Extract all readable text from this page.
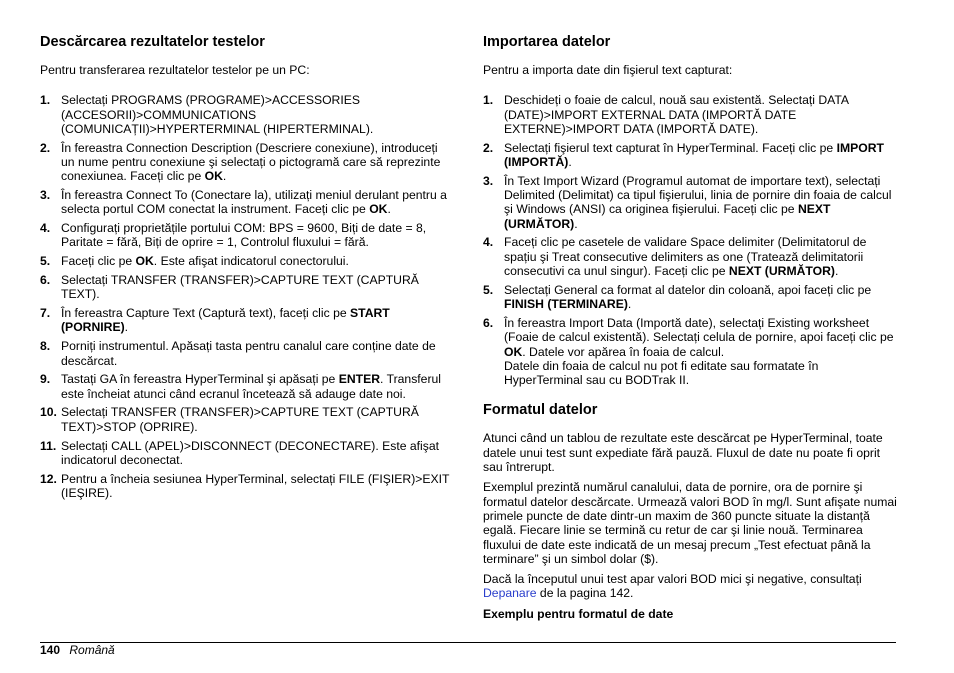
Descărcarea rezultatelor testelor

Pentru transferarea rezultatelor testelor pe un PC:

1. Selectați PROGRAMS (PROGRAME)>ACCESSORIES (ACCESORII)>COMMUNICATIONS (COMUNICAȚII)>HYPERTERMINAL (HIPERTERMINAL).
2. În fereastra Connection Description (Descriere conexiune), introduceți un nume pentru conexiune şi selectați o pictogramă care să reprezinte conexiunea. Faceți clic pe OK.
3. În fereastra Connect To (Conectare la), utilizați meniul derulant pentru a selecta portul COM conectat la instrument. Faceți clic pe OK.
4. Configurați proprietățile portului COM: BPS = 9600, Biți de date = 8, Paritate = fără, Biți de oprire = 1, Controlul fluxului = fără.
5. Faceți clic pe OK. Este afişat indicatorul conectorului.
6. Selectați TRANSFER (TRANSFER)>CAPTURE TEXT (CAPTURĂ TEXT).
7. În fereastra Capture Text (Captură text), faceți clic pe START (PORNIRE).
8. Porniți instrumentul. Apăsați tasta pentru canalul care conține date de descărcat.
9. Tastați GA în fereastra HyperTerminal şi apăsați pe ENTER. Transferul este încheiat atunci când ecranul încetează să adauge date noi.
10. Selectați TRANSFER (TRANSFER)>CAPTURE TEXT (CAPTURĂ TEXT)>STOP (OPRIRE).
11. Selectați CALL (APEL)>DISCONNECT (DECONECTARE). Este afişat indicatorul deconectat.
12. Pentru a încheia sesiunea HyperTerminal, selectați FILE (FIŞIER)>EXIT (IEŞIRE).
Importarea datelor

Pentru a importa date din fişierul text capturat:

1. Deschideți o foaie de calcul, nouă sau existentă. Selectați DATA (DATE)>IMPORT EXTERNAL DATA (IMPORTĂ DATE EXTERNE)>IMPORT DATA (IMPORTĂ DATE).
2. Selectați fişierul text capturat în HyperTerminal. Faceți clic pe IMPORT (IMPORTĂ).
3. În Text Import Wizard (Programul automat de importare text), selectați Delimited (Delimitat) ca tipul fişierului, linia de pornire din foaia de calcul şi Windows (ANSI) ca originea fişierului. Faceți clic pe NEXT (URMĂTOR).
4. Faceți clic pe casetele de validare Space delimiter (Delimitatorul de spațiu şi Treat consecutive delimiters as one (Tratează delimitatorii consecutivi ca unul singur). Faceți clic pe NEXT (URMĂTOR).
5. Selectați General ca format al datelor din coloană, apoi faceți clic pe FINISH (TERMINARE).
6. În fereastra Import Data (Importă date), selectați Existing worksheet (Foaie de calcul existentă). Selectați celula de pornire, apoi faceți clic pe OK. Datele vor apărea în foaia de calcul.
Datele din foaia de calcul nu pot fi editate sau formatate în HyperTerminal sau cu BODTrak II.
Formatul datelor

Atunci când un tablou de rezultate este descărcat pe HyperTerminal, toate datele unui test sunt expediate fără pauză. Fluxul de date nu poate fi oprit sau întrerupt.

Exemplul prezintă numărul canalului, data de pornire, ora de pornire şi formatul datelor descărcate. Urmează valori BOD în mg/l. Sunt afişate numai primele puncte de date dintr-un maxim de 360 puncte situate la distanță egală. Fiecare linie se termină cu retur de car şi linie nouă. Terminarea fluxului de date este indicată de un mesaj precum „Test efectuat până la terminare” şi un simbol dolar ($).

Dacă la începutul unui test apar valori BOD mici şi negative, consultați Depanare de la pagina 142.

Exemplu pentru formatul de date
140 Română
